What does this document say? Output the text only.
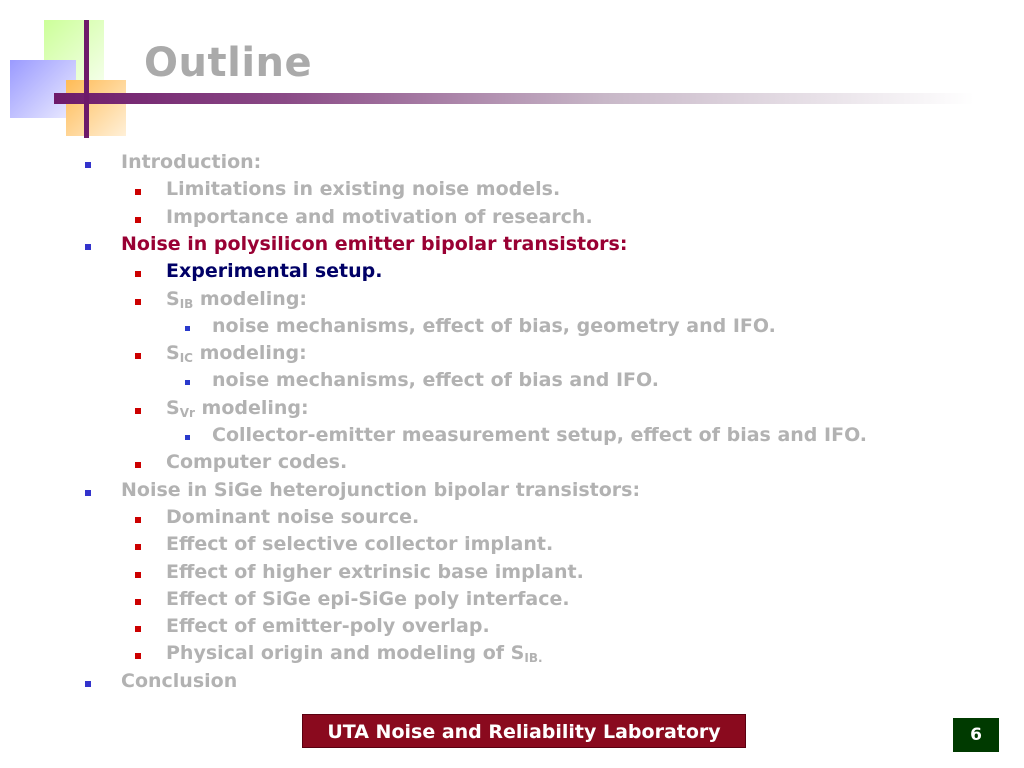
Outline
Introduction:
Limitations in existing noise models.
Importance and motivation of research.
Noise in polysilicon emitter bipolar transistors:
Experimental setup.
$S_{IB}$ modeling:
noise mechanisms, effect of bias, geometry and IFO.
$S_{IC}$ modeling:
noise mechanisms, effect of bias and IFO.
$S_{Vr}$ modeling:
Collector-emitter measurement setup, effect of bias and IFO.
Computer codes.
Noise in SiGe heterojunction bipolar transistors:
Dominant noise source.
Effect of selective collector implant.
Effect of higher extrinsic base implant.
Effect of SiGe epi-SiGe poly interface.
Effect of emitter-poly overlap.
Physical origin and modeling of $S_{IB.}$
Conclusion
UTA Noise and Reliability Laboratory	6
